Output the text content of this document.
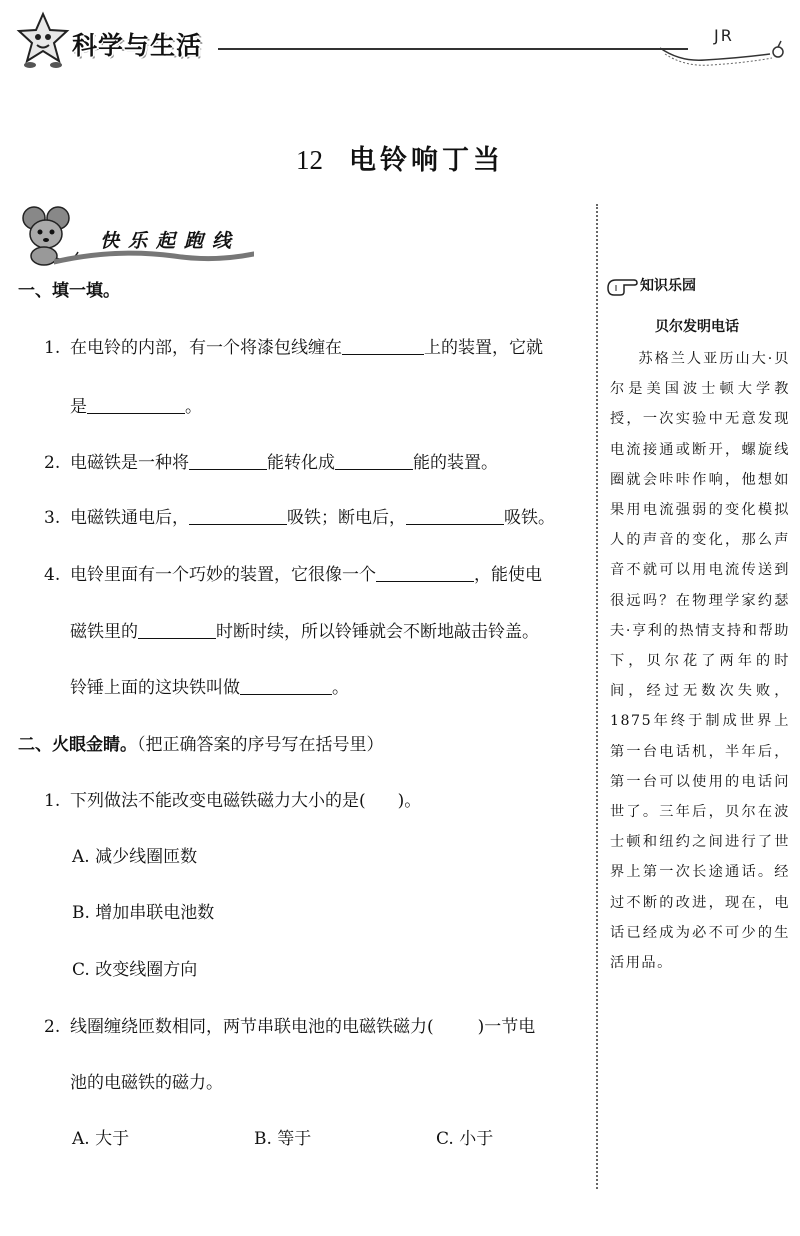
科学与生活	JR
12 电铃响丁当
快乐起跑线
一、填一填。
1. 在电铃的内部，有一个将漆包线缠在	上的装置，它就
是	。
2. 电磁铁是一种将	能转化成	能的装置。
3. 电磁铁通电后，	吸铁；断电后，	吸铁。
4. 电铃里面有一个巧妙的装置，它很像一个	，能使电
磁铁里的	时断时续，所以铃锤就会不断地敲击铃盖。
铃锤上面的这块铁叫做	。
二、火眼金睛。（把正确答案的序号写在括号里）
1. 下列做法不能改变电磁铁磁力大小的是( )。
A. 减少线圈匝数
B. 增加串联电池数
C. 改变线圈方向
2. 线圈缠绕匝数相同，两节串联电池的电磁铁磁力(	)一节电
池的电磁铁的磁力。
A. 大于	B. 等于	C. 小于
知识乐园
贝尔发明电话
苏格兰人亚历山大·贝尔是美国波士顿大学教授，一次实验中无意发现电流接通或断开，螺旋线圈就会咔咔作响，他想如果用电流强弱的变化模拟人的声音的变化，那么声音不就可以用电流传送到很远吗？在物理学家约瑟夫·亨利的热情支持和帮助下，贝尔花了两年的时间，经过无数次失败，1875年终于制成世界上第一台电话机，半年后，第一台可以使用的电话问世了。三年后，贝尔在波士顿和纽约之间进行了世界上第一次长途通话。经过不断的改进，现在，电话已经成为必不可少的生活用品。
